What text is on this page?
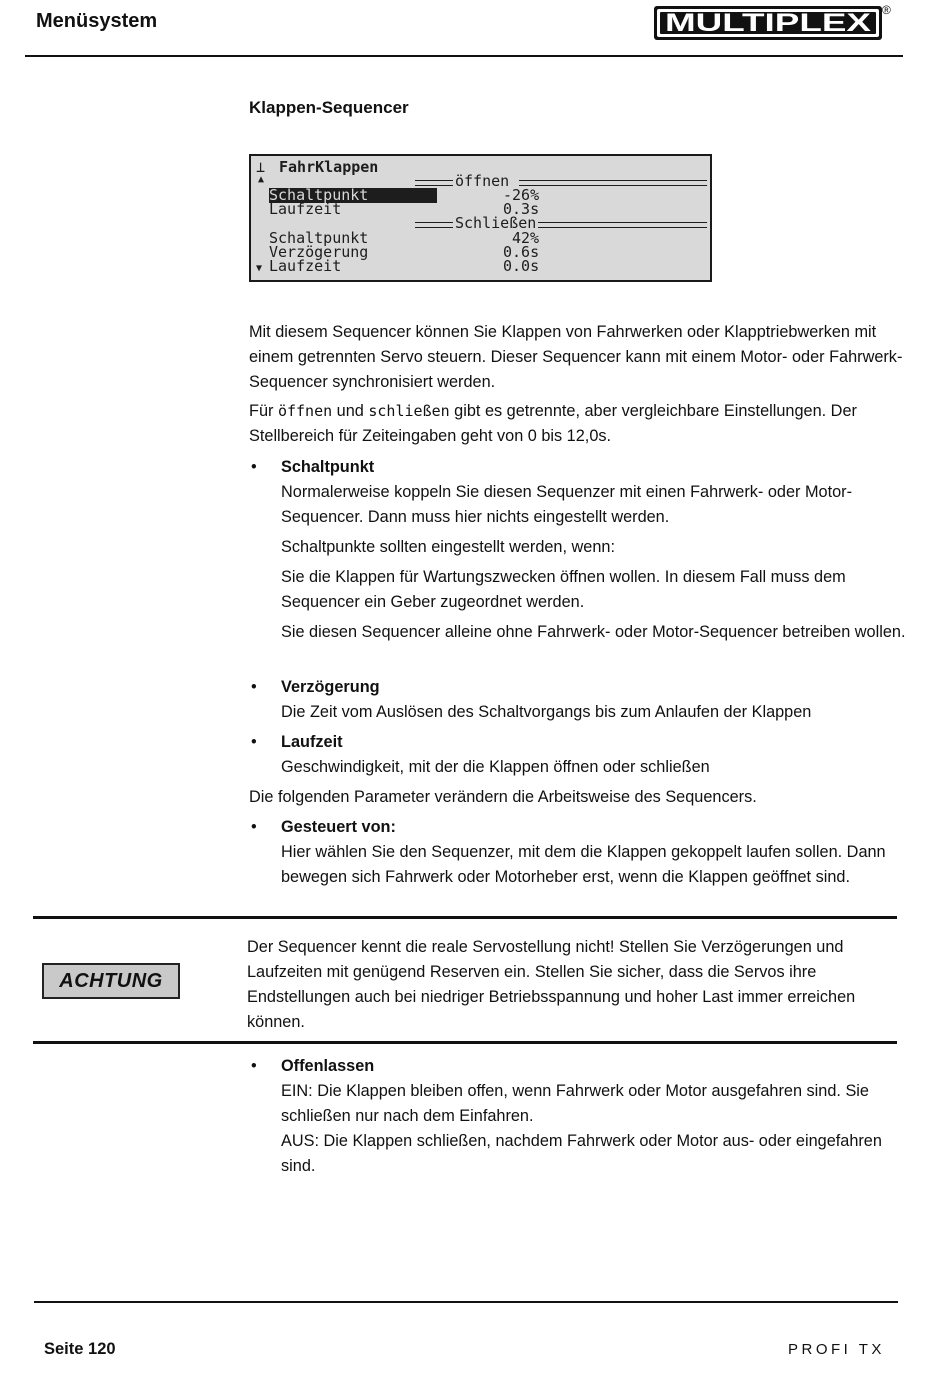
Menüsystem	MULTIPLEX ®
Klappen-Sequencer
⊥ FahrKlappen
▲	öffnen
Schaltpunkt	-26%
Laufzeit	0.3s
Schließen
Schaltpunkt	42%
Verzögerung	0.6s
▼ Laufzeit	0.0s

Mit diesem Sequencer können Sie Klappen von Fahrwerken oder Klapptriebwerken mit einem getrennten Servo steuern. Dieser Sequencer kann mit einem Motor- oder Fahrwerk-Sequencer synchronisiert werden.

Für öffnen und schließen gibt es getrennte, aber vergleichbare Einstellungen. Der Stellbereich für Zeiteingaben geht von 0 bis 12,0s.

• Schaltpunkt
Normalerweise koppeln Sie diesen Sequenzer mit einen Fahrwerk- oder Motor-Sequencer. Dann muss hier nichts eingestellt werden.
Schaltpunkte sollten eingestellt werden, wenn:
Sie die Klappen für Wartungszwecken öffnen wollen. In diesem Fall muss dem Sequencer ein Geber zugeordnet werden.
Sie diesen Sequencer alleine ohne Fahrwerk- oder Motor-Sequencer betreiben wollen.
• Verzögerung
Die Zeit vom Auslösen des Schaltvorgangs bis zum Anlaufen der Klappen
• Laufzeit
Geschwindigkeit, mit der die Klappen öffnen oder schließen
Die folgenden Parameter verändern die Arbeitsweise des Sequencers.
• Gesteuert von:
Hier wählen Sie den Sequenzer, mit dem die Klappen gekoppelt laufen sollen. Dann bewegen sich Fahrwerk oder Motorheber erst, wenn die Klappen geöffnet sind.
ACHTUNG
Der Sequencer kennt die reale Servostellung nicht! Stellen Sie Verzögerungen und Laufzeiten mit genügend Reserven ein. Stellen Sie sicher, dass die Servos ihre Endstellungen auch bei niedriger Betriebsspannung und hoher Last immer erreichen können.
• Offenlassen
EIN: Die Klappen bleiben offen, wenn Fahrwerk oder Motor ausgefahren sind. Sie schließen nur nach dem Einfahren.
AUS: Die Klappen schließen, nachdem Fahrwerk oder Motor aus- oder eingefahren sind.
Seite 120	PROFI TX
